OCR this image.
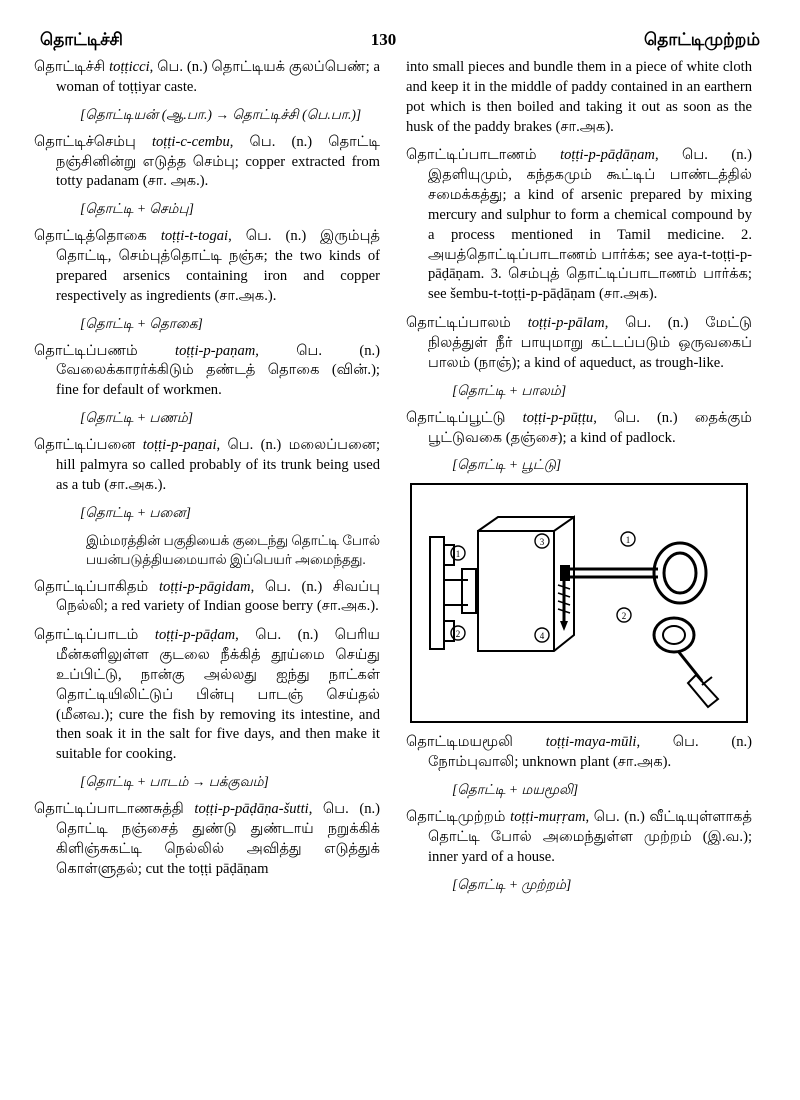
தொட்டிச்சி	130	தொட்டிமுற்றம்
தொட்டிச்சி toṭṭicci, பெ. (n.) தொட்டியக் குலப்பெண்; a woman of toṭṭiyar caste.
[தொட்டியன் (ஆ.பா.) → தொட்டிச்சி (பெ.பா.)]
தொட்டிச்செம்பு toṭṭi-c-cembu, பெ. (n.) தொட்டி நஞ்சினின்று எடுத்த செம்பு; copper extracted from totty padanam (சா. அக.).
[தொட்டி + செம்பு]
தொட்டித்தொகை toṭṭi-t-togai, பெ. (n.) இரும்புத் தொட்டி, செம்புத்தொட்டி நஞ்சு; the two kinds of prepared arsenics containing iron and copper respectively as ingredients (சா.அக.).
[தொட்டி + தொகை]
தொட்டிப்பணம்	toṭṭi-p-paṇam, பெ. (n.) வேலைக்காரர்க்கிடும் தண்டத் தொகை (வின்.); fine for default of workmen.
[தொட்டி + பணம்]
தொட்டிப்பனை toṭṭi-p-paṉai, பெ. (n.) மலைப்பனை; hill palmyra so called probably of its trunk being used as a tub (சா.அக.).
[தொட்டி + பனை]
இம்மரத்தின் பகுதியைக் குடைந்து தொட்டி போல் பயன்படுத்தியமையால் இப்பெயர் அமைந்தது.
தொட்டிப்பாகிதம் toṭṭi-p-pāgidam, பெ. (n.) சிவப்பு நெல்லி; a red variety of Indian goose berry (சா.அக.).
தொட்டிப்பாடம் toṭṭi-p-pāḍam, பெ. (n.) பெரிய மீன்களிலுள்ள குடலை நீக்கித் தூய்மை செய்து உப்பிட்டு, நான்கு அல்லது ஐந்து நாட்கள் தொட்டியிலிட்டுப் பின்பு பாடஞ் செய்தல் (மீனவ.); cure the fish by removing its intestine, and then soak it in the salt for five days, and then make it suitable for cooking.
[தொட்டி + பாடம் → பக்குவம்]
தொட்டிப்பாடாணசுத்தி toṭṭi-p-pāḍāṇa-šutti, பெ. (n.) தொட்டி நஞ்சைத் துண்டு துண்டாய் நறுக்கிக் கிளிஞ்சுகட்டி நெல்லில் அவித்து எடுத்துக் கொள்ளுதல்; cut the toṭṭi pāḍāṇam
into small pieces and bundle them in a piece of white cloth and keep it in the middle of paddy contained in an earthern pot which is then boiled and taking it out as soon as the husk of the paddy brakes (சா.அக).
தொட்டிப்பாடாணம் toṭṭi-p-pāḍāṇam, பெ. (n.) இதளியுமும், கந்தகமும் கூட்டிப் பாண்டத்தில் சமைக்கத்து; a kind of arsenic prepared by mixing mercury and sulphur to form a chemical compound by a process mentioned in Tamil medicine. 2. அயத்தொட்டிப்பாடாணம் பார்க்க; see aya-t-toṭṭi-p-pāḍāṇam. 3. செம்புத் தொட்டிப்பாடாணம் பார்க்க; see šembu-t-toṭṭi-p-pāḍāṇam (சா.அக).
தொட்டிப்பாலம் toṭṭi-p-pālam, பெ. (n.) மேட்டு நிலத்துள் நீர் பாயுமாறு கட்டப்படும் ஒருவகைப் பாலம் (நாஞ்); a kind of aqueduct, as trough-like.
[தொட்டி + பாலம்]
தொட்டிப்பூட்டு toṭṭi-p-pūṭṭu, பெ. (n.) தைக்கும் பூட்டுவகை (தஞ்சை); a kind of padlock.
[தொட்டி + பூட்டு]
1
2
3
4
1
2
தொட்டிமயமூலி toṭṭi-maya-mūli, பெ. (n.) நோம்புவாலி; unknown plant (சா.அக).
[தொட்டி + மயமூலி]
தொட்டிமுற்றம் toṭṭi-muṛṛam, பெ. (n.) வீட்டியுள்ளாகத் தொட்டி போல் அமைந்துள்ள முற்றம் (இ.வ.); inner yard of a house.
[தொட்டி + முற்றம்]
